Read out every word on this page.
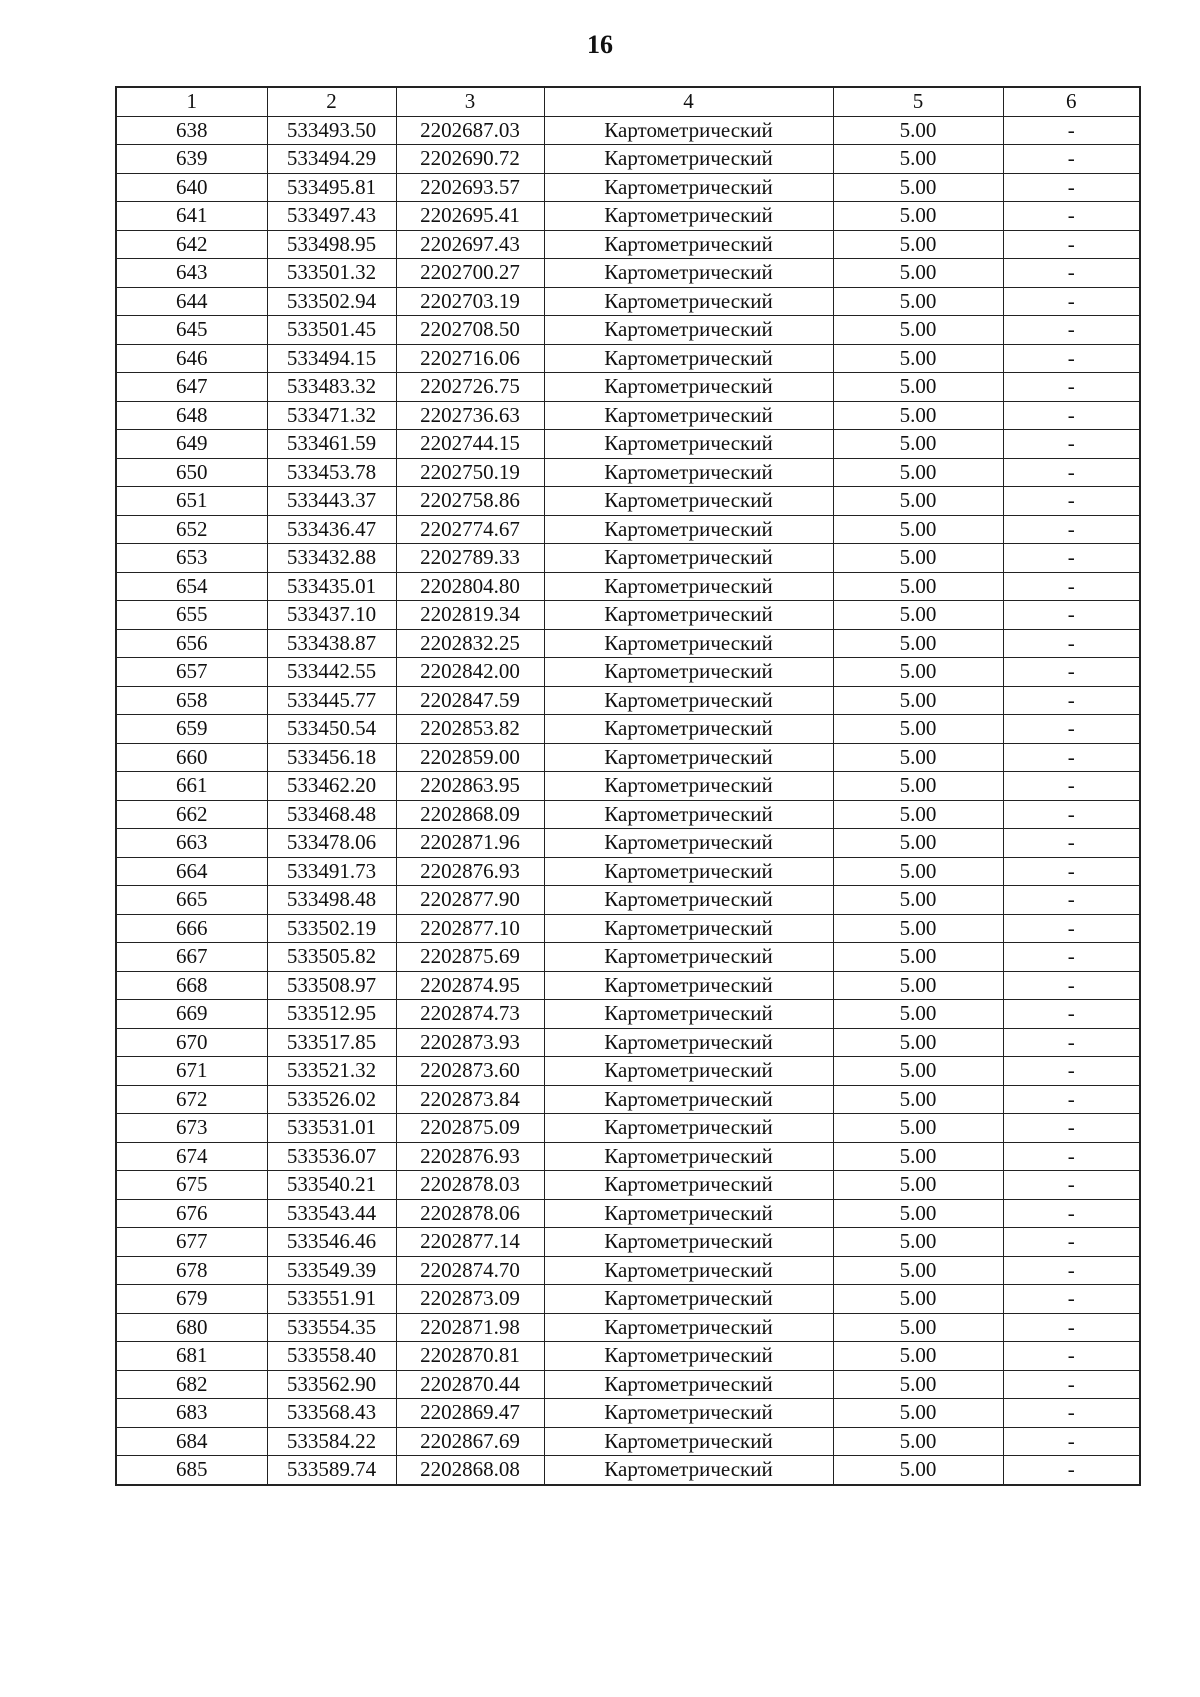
16
1	2	3	4	5	6
638	533493.50	2202687.03	Картометрический	5.00	-
639	533494.29	2202690.72	Картометрический	5.00	-
640	533495.81	2202693.57	Картометрический	5.00	-
641	533497.43	2202695.41	Картометрический	5.00	-
642	533498.95	2202697.43	Картометрический	5.00	-
643	533501.32	2202700.27	Картометрический	5.00	-
644	533502.94	2202703.19	Картометрический	5.00	-
645	533501.45	2202708.50	Картометрический	5.00	-
646	533494.15	2202716.06	Картометрический	5.00	-
647	533483.32	2202726.75	Картометрический	5.00	-
648	533471.32	2202736.63	Картометрический	5.00	-
649	533461.59	2202744.15	Картометрический	5.00	-
650	533453.78	2202750.19	Картометрический	5.00	-
651	533443.37	2202758.86	Картометрический	5.00	-
652	533436.47	2202774.67	Картометрический	5.00	-
653	533432.88	2202789.33	Картометрический	5.00	-
654	533435.01	2202804.80	Картометрический	5.00	-
655	533437.10	2202819.34	Картометрический	5.00	-
656	533438.87	2202832.25	Картометрический	5.00	-
657	533442.55	2202842.00	Картометрический	5.00	-
658	533445.77	2202847.59	Картометрический	5.00	-
659	533450.54	2202853.82	Картометрический	5.00	-
660	533456.18	2202859.00	Картометрический	5.00	-
661	533462.20	2202863.95	Картометрический	5.00	-
662	533468.48	2202868.09	Картометрический	5.00	-
663	533478.06	2202871.96	Картометрический	5.00	-
664	533491.73	2202876.93	Картометрический	5.00	-
665	533498.48	2202877.90	Картометрический	5.00	-
666	533502.19	2202877.10	Картометрический	5.00	-
667	533505.82	2202875.69	Картометрический	5.00	-
668	533508.97	2202874.95	Картометрический	5.00	-
669	533512.95	2202874.73	Картометрический	5.00	-
670	533517.85	2202873.93	Картометрический	5.00	-
671	533521.32	2202873.60	Картометрический	5.00	-
672	533526.02	2202873.84	Картометрический	5.00	-
673	533531.01	2202875.09	Картометрический	5.00	-
674	533536.07	2202876.93	Картометрический	5.00	-
675	533540.21	2202878.03	Картометрический	5.00	-
676	533543.44	2202878.06	Картометрический	5.00	-
677	533546.46	2202877.14	Картометрический	5.00	-
678	533549.39	2202874.70	Картометрический	5.00	-
679	533551.91	2202873.09	Картометрический	5.00	-
680	533554.35	2202871.98	Картометрический	5.00	-
681	533558.40	2202870.81	Картометрический	5.00	-
682	533562.90	2202870.44	Картометрический	5.00	-
683	533568.43	2202869.47	Картометрический	5.00	-
684	533584.22	2202867.69	Картометрический	5.00	-
685	533589.74	2202868.08	Картометрический	5.00	-
